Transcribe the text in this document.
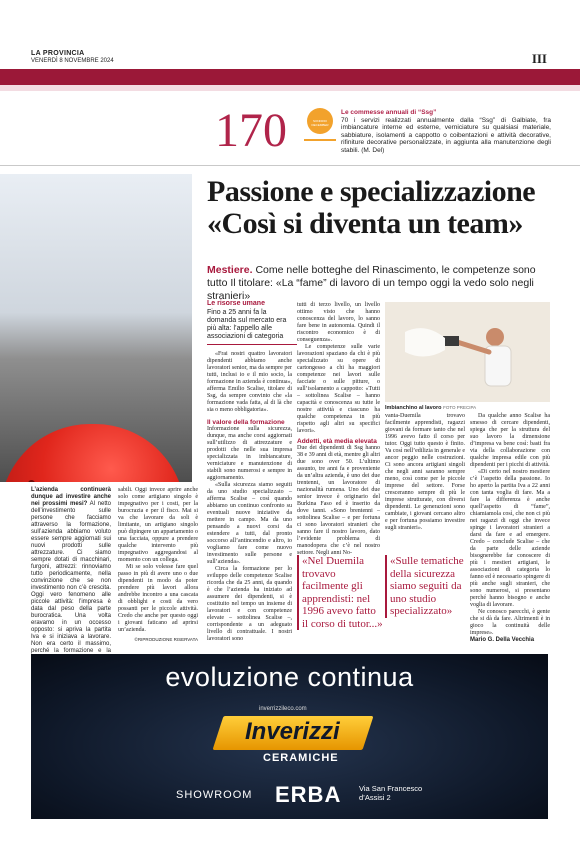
LA PROVINCIA
VENERDÌ 8 NOVEMBRE 2024	III
170	SONDRIO DECEMBER
Le commesse annuali di “Ssg”
70 i servizi realizzati annualmente dalla “Ssg” di Galbiate, fra imbiancature interne ed esterne, verniciature su qualsiasi materiale, sabbiature, isolamenti a cappotto o coibentazioni e attività decorative, rifiniture decorative personalizzate, in aggiunta alla manutenzione degli stabili. (M. Del)
Passione e specializzazione
«Così si diventa un team»
Mestiere. Come nelle botteghe del Rinascimento, le competenze sono tutto Il titolare: «La “fame” di lavoro di un tempo oggi la vedo solo negli stranieri»
Le risorse umane
Fino a 25 anni fa la domanda sul mercato era più alta: l’appello alle associazioni di categoria
L’azienda continuerà dunque ad investire anche nei prossimi mesi? Al netto dell’investimento sulle persone che facciamo attraverso la formazione, sull’azienda abbiamo voluto essere sempre aggiornati sui nuovi prodotti sulle attrezzature. Ci siamo sempre dotati di macchinari, furgoni, attrezzi: rinnoviamo tutto periodicamente, nella convinzione che se non investimento non c’è crescita. Oggi vero fenomeno alle piccole attività: l’impresa è data dal peso della parte burocratica. Una volta eravamo in un occesso opposto: si apriva la partita Iva e si iniziava a lavorare. Non era certo il massimo, perché la formazione e la
sabili. Oggi invece aprire anche solo come artigiano singolo è impegnativo per i costi, per la burocrazia e per il fisco. Mai si va che lavorare da soli è limitante, un artigiano singolo può dipingere un appartamento o una facciata, oppure a prendere qualche intervento più impegnativo aggregandosi al momento con un collega.
Mi se solo volesse fare quel passo in più di avere uno o due dipendenti in modo da poter prendere più lavori allora andrebbe incontro a una cascata di obblighi e costi da vero possanti per le piccole attività. Credo che anche per questo oggi i giovani faticano ad aprirsi un’azienda.
©RIPRODUZIONE RISERVATA
«Frai nostri quattro lavoratori dipendenti abbiamo anche lavoratori senior, ma da sempre per tutti, inclusi io e il mio socio, la formazione in azienda è continua», afferma Emilio Scalise, titolare di Ssg, da sempre convinto che «la formazione vada fatta, al di là che sia o meno obbligatoria».
Il valore della formazione
Informazione sulla sicurezza, dunque, ma anche corsi aggiornati sull’utilizzo di attrezzature e prodotti che nelle sua impresa specializzata in imbiancature, verniciature e manutenzione di stabili sono numerosi e sempre in aggiornamento.
«Sulla sicurezza siamo seguiti da uno studio specializzato – afferma Scalise – così quando abbiamo un continuo confronto su eventuali nuove iniziative da mettere in campo. Ma da uno pensando a nuovi corsi da estendere a tutti, dal pronto soccorso all’antincendio e altro, io vogliamo fare come nuovo investimento sulle persone e sull’azienda».
Circa la formazione per lo sviluppo delle competenze Scalise ricorda che da 25 anni, da quando è che l’azienda ha iniziato ad assumere dei dipendenti, si è costituito nel tempo un insieme di lavoratori e con competenze elevate – sottolinea Scalise –, corrispondente a un adeguato livello di contrattuale. I nostri lavoratori sono
tutti di terzo livello, un livello ottimo visto che hanno conoscenza del lavoro, lo sanno fare bene in autonomia. Quindi il riscontro economico è di conseguenza».
Le competenze sulle varie lavorazioni spaziano da chi è più specializzato su opere di cartongesso a chi ha maggiori competenze nei lavori sulle facciate o sulle pitture, o sull’isolamento a cappotto: «Tutti – sottolinea Scalise – hanno capacità e conoscenza su tutte le nostre attività e ciascuno ha qualche competenza in più rispetto agli altri su specifici lavori».
Addetti, età media elevata
Due dei dipendenti di Ssg hanno 38 e 39 anni di età, mentre gli altri due sono over 50. L’ultimo assunto, tre anni fa e proveniente da un’altra azienda, è uno dei due trentenni, un lavoratore di nazionalità rumena. Uno dei due senior invece è originario del Burkina Faso ed è inserito da dove tanni. «Sono brentenni – sottolinea Scalise – e per fortuna ci sono lavoratori stranieri che sanno fare il nostro lavoro, dato l’evidente problema di manodopera che c’è nel nostro settore. Negli anni No-
«Nel Duemila trovavo facilmente gli apprendisti: nel 1996 avevo fatto il corso di tutor...»
Imbianchino al lavoro FOTO PRECIPA
vanta-Duemila trovavo facilmente apprendisti, ragazzi giovani da formare tanto che nel 1996 avevo fatto il corso per tutor. Oggi tutto questo è finito. Va così nell’edilizia in generale e ancor peggio nelle costruzioni. Ci sono ancora artigiani singoli che negli anni saranno sempre meno, così come per le piccole imprese del settore. Forse cresceranno sempre di più le imprese strutturate, con diversi dipendenti. Le generazioni sono cambiate, i giovani cercano altro e per fortuna possiamo investire sugli stranieri».
«Sulle tematiche della sicurezza siamo seguiti da uno studio specializzato»
Da qualche anno Scalise ha smesso di cercare dipendenti, spiega che per la struttura del suo lavoro la dimensione d’impresa va bene così: basti fra via della collaborazione con qualche impresa edile con più dipendenti per i picchi di attività.
«Di certo nel nostro mestiere c’è l’aspetto della passione. Io ho aperto la partita Iva a 22 anni con tanta voglia di fare. Ma a fare la differenza è anche quell’aspetto di “fame”, chiamiamola così, che non ci più nei ragazzi di oggi che invece spinge i lavoratori stranieri a darsi da fare e ad emergere. Credo – conclude Scalise – che da parte delle aziende bisognerebbe far conoscere di più i mestieri artigiani, le associazioni di categoria lo fanno ed è necessario spingere di più anche sugli stranieri, che sono numerosi, si presentano perché hanno bisogno e anche voglia di lavorare.
Ne conosco parecchi, è gente che si dà da fare. Altrimenti è in gioco la continuità delle imprese».
Mario G. Della Vecchia
evoluzione continua
inverrizzileco.com
Inverizzi
CERAMICHE
SHOWROOM ERBA Via San Francesco
d’Assisi 2
